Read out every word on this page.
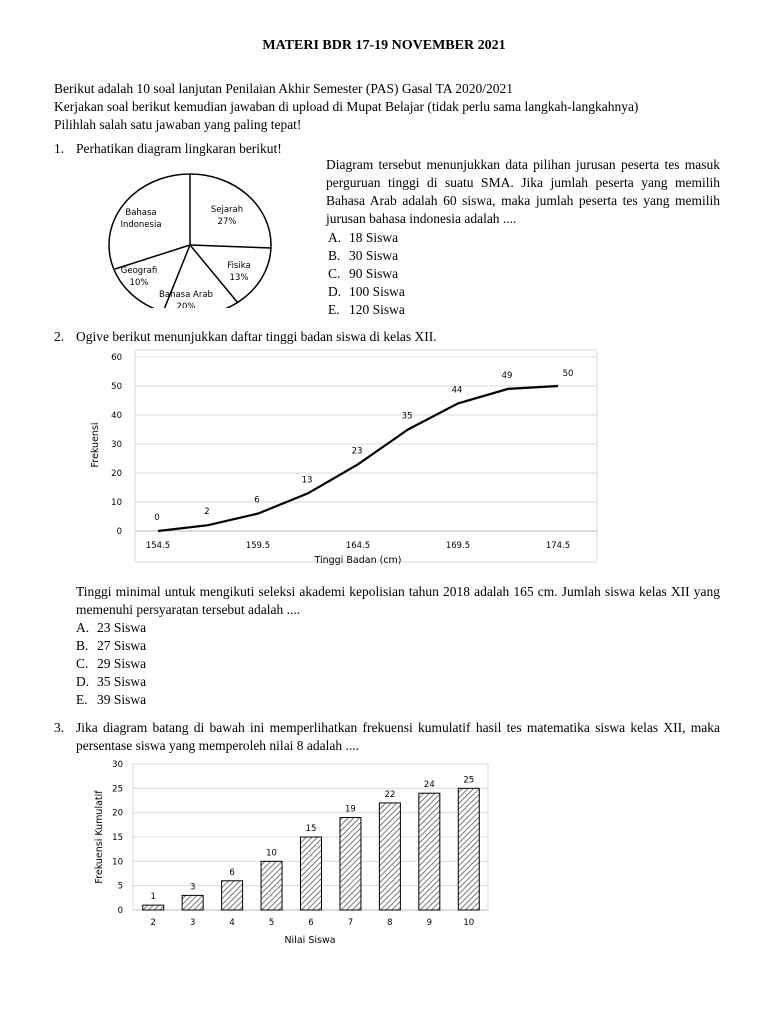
MATERI BDR 17-19 NOVEMBER 2021
Berikut adalah 10 soal lanjutan Penilaian Akhir Semester (PAS) Gasal TA 2020/2021
Kerjakan soal berikut kemudian jawaban di upload di Mupat Belajar (tidak perlu sama langkah-langkahnya)
Pilihlah salah satu jawaban yang paling tepat!
1. Perhatikan diagram lingkaran berikut!
Sejarah
27%
Fisika
13%
Bahasa Arab
20%
Geografi
10%
Bahasa
Indonesia
Diagram tersebut menunjukkan data pilihan jurusan peserta tes masuk perguruan tinggi di suatu SMA. Jika jumlah peserta yang memilih Bahasa Arab adalah 60 siswa, maka jumlah peserta tes yang memilih jurusan bahasa indonesia adalah ....
A. 18 Siswa
B. 30 Siswa
C. 90 Siswa
D. 100 Siswa
E. 120 Siswa
2. Ogive berikut menunjukkan daftar tinggi badan siswa di kelas XII.
0
10
20
30
40
50
60
154.5	159.5	164.5	169.5	174.5
0
2
6
13
23
35
44
49	50
Tinggi Badan (cm)
Frekuensi
Tinggi minimal untuk mengikuti seleksi akademi kepolisian tahun 2018 adalah 165 cm. Jumlah siswa kelas XII yang memenuhi persyaratan tersebut adalah ....
A. 23 Siswa
B. 27 Siswa
C. 29 Siswa
D. 35 Siswa
E. 39 Siswa
3. Jika diagram batang di bawah ini memperlihatkan frekuensi kumulatif hasil tes matematika siswa kelas XII, maka persentase siswa yang memperoleh nilai 8 adalah ....
0
5
10
15
20
25
30
2	3	4	5	6	7	8	9	10
1
3
6
10
15
19
22
24	25
Nilai Siswa
Frekuensi Kumulatif
